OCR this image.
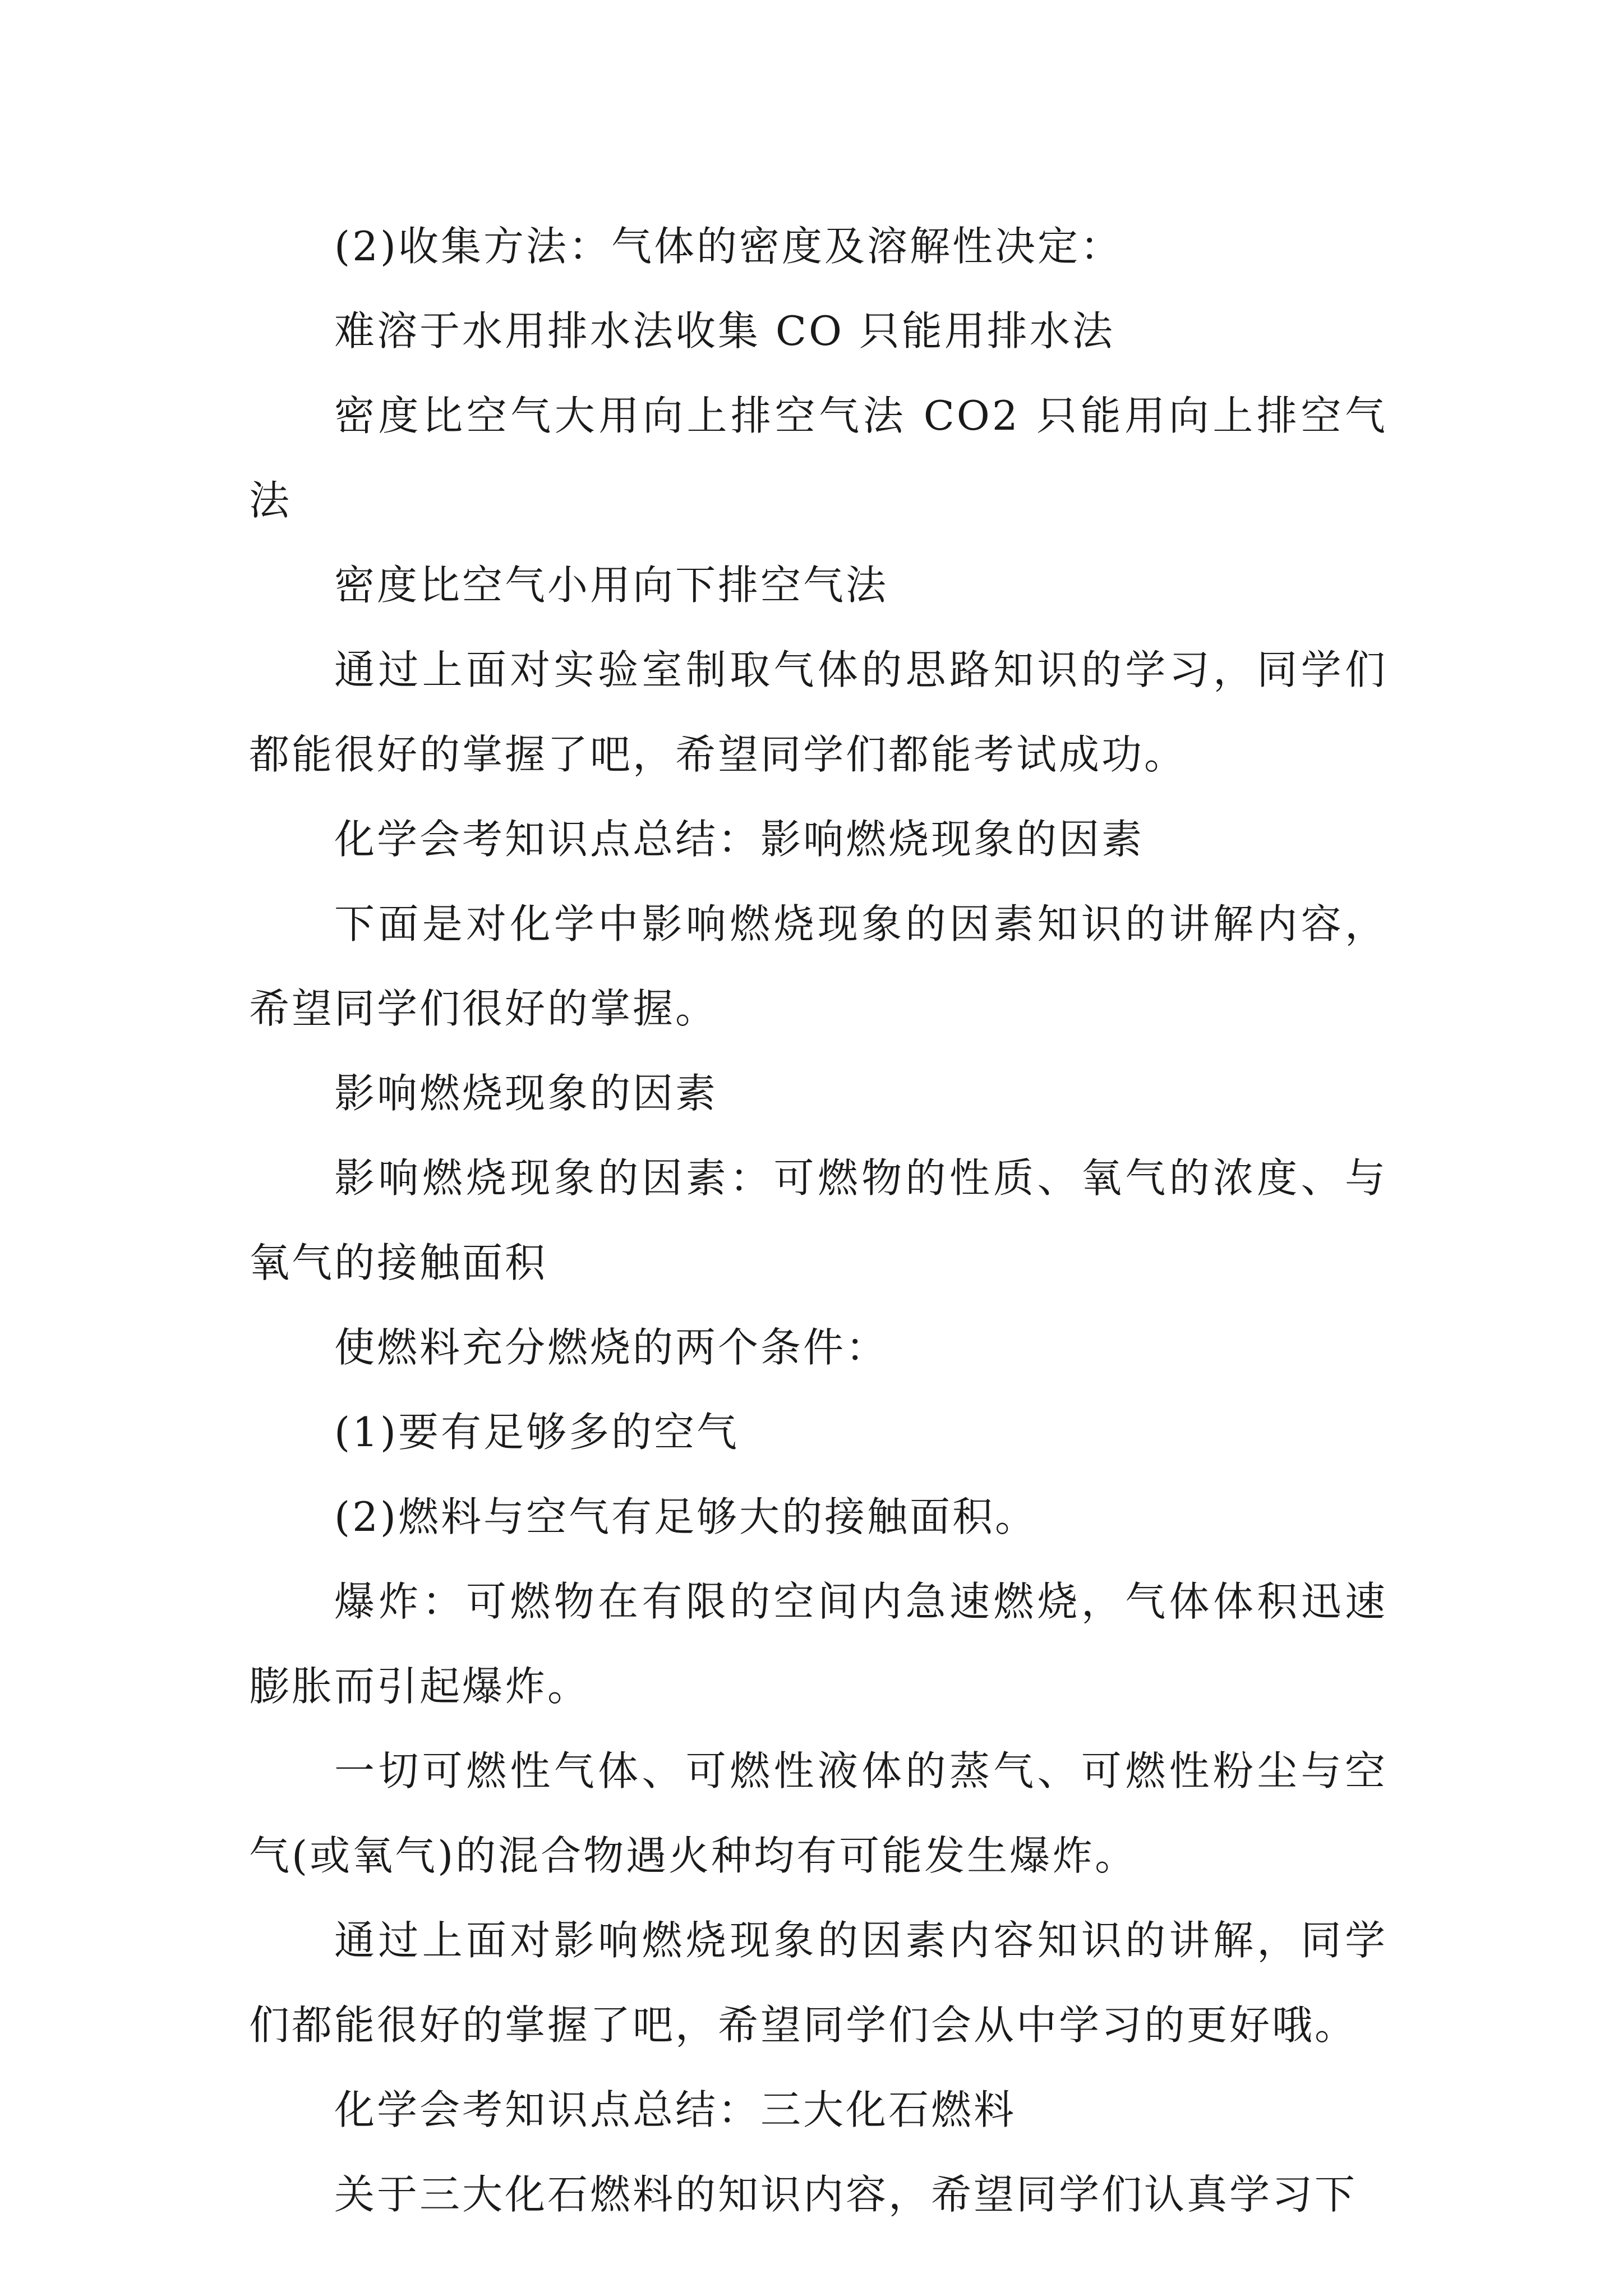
(2)收集方法：气体的密度及溶解性决定：

难溶于水用排水法收集 CO 只能用排水法

密度比空气大用向上排空气法 CO2 只能用向上排空气法

密度比空气小用向下排空气法

通过上面对实验室制取气体的思路知识的学习，同学们都能很好的掌握了吧，希望同学们都能考试成功。

化学会考知识点总结：影响燃烧现象的因素

下面是对化学中影响燃烧现象的因素知识的讲解内容，希望同学们很好的掌握。

影响燃烧现象的因素

影响燃烧现象的因素：可燃物的性质、氧气的浓度、与氧气的接触面积

使燃料充分燃烧的两个条件：

(1)要有足够多的空气

(2)燃料与空气有足够大的接触面积。

爆炸：可燃物在有限的空间内急速燃烧，气体体积迅速膨胀而引起爆炸。

一切可燃性气体、可燃性液体的蒸气、可燃性粉尘与空气(或氧气)的混合物遇火种均有可能发生爆炸。

通过上面对影响燃烧现象的因素内容知识的讲解，同学们都能很好的掌握了吧，希望同学们会从中学习的更好哦。

化学会考知识点总结：三大化石燃料

关于三大化石燃料的知识内容，希望同学们认真学习下
